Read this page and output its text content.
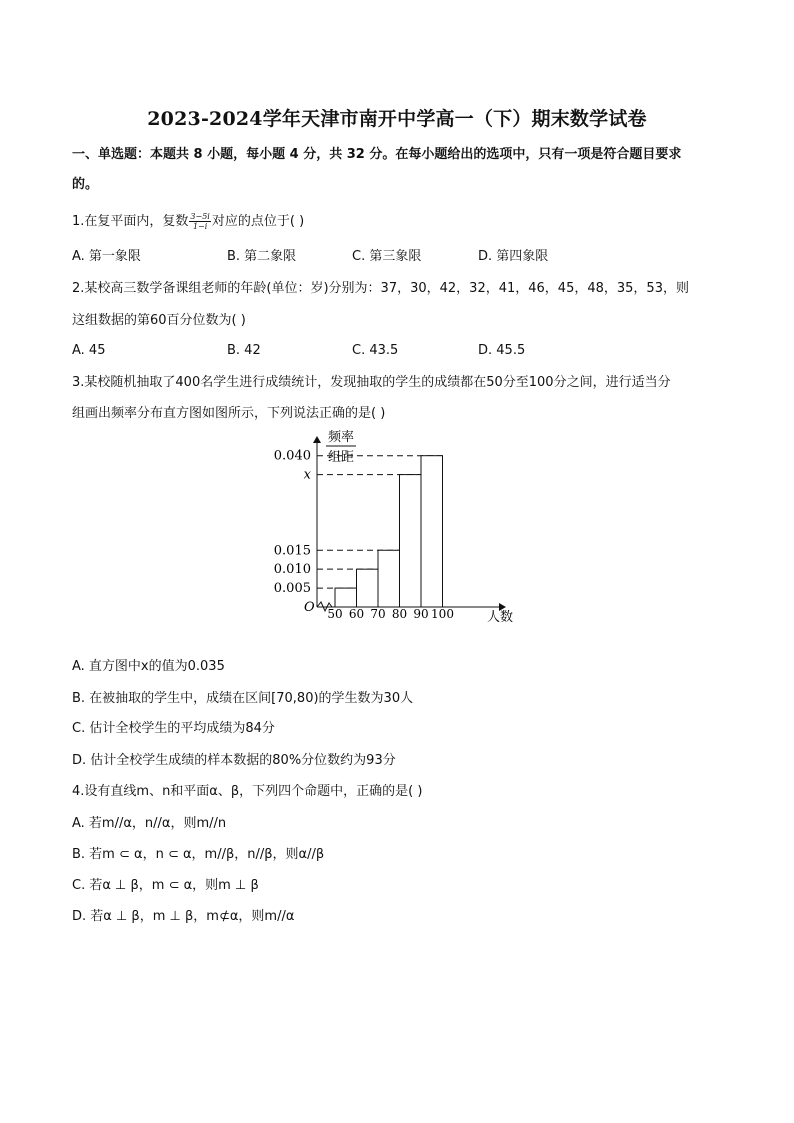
2023-2024学年天津市南开中学高一（下）期末数学试卷
一、单选题：本题共 8 小题，每小题 4 分，共 32 分。在每小题给出的选项中，只有一项是符合题目要求
的。
1.在复平面内，复数 $\frac{3-5i}{1-i}$ 对应的点位于( )
A. 第一象限	B. 第二象限	C. 第三象限	D. 第四象限
2.某校高三数学备课组老师的年龄(单位：岁)分别为：37，30，42，32，41，46，45，48，35，53，则
这组数据的第60百分位数为( )
A. 45	B. 42	C. 43.5	D. 45.5
3.某校随机抽取了400名学生进行成绩统计，发现抽取的学生的成绩都在50分至100分之间，进行适当分
组画出频率分布直方图如图所示，下列说法正确的是( )
频率
组距
O
人数
0.005
0.010
0.015
x
0.040
50 60 70 80 90 100
A. 直方图中x的值为0.035
B. 在被抽取的学生中，成绩在区间[70,80)的学生数为30人
C. 估计全校学生的平均成绩为84分
D. 估计全校学生成绩的样本数据的80%分位数约为93分
4.设有直线m、n和平面α、β，下列四个命题中，正确的是( )
A. 若m//α，n//α，则m//n
B. 若m ⊂ α，n ⊂ α，m//β，n//β，则α//β
C. 若α ⊥ β，m ⊂ α，则m ⊥ β
D. 若α ⊥ β，m ⊥ β，m⊄α，则m//α
